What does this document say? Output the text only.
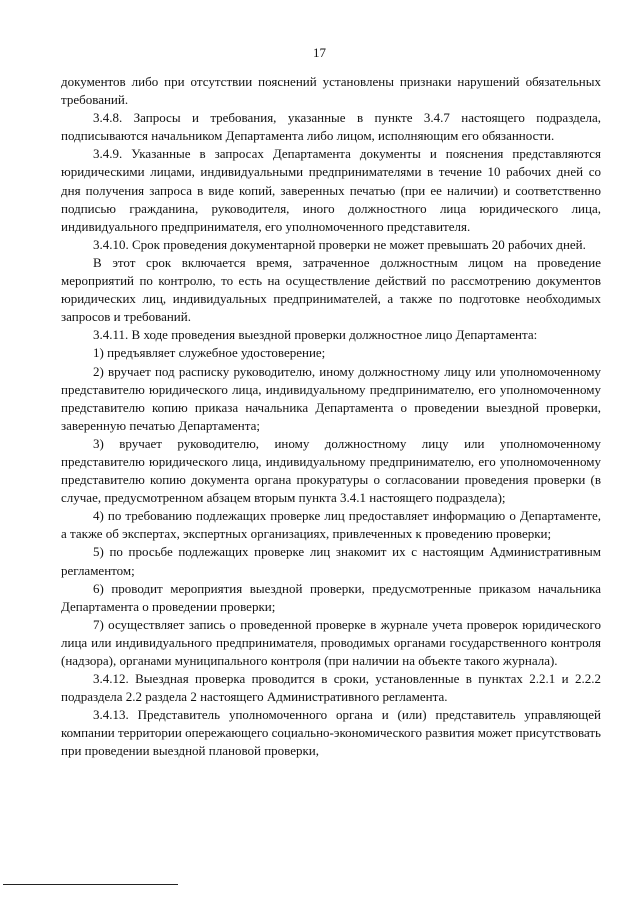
17

документов либо при отсутствии пояснений установлены признаки нарушений обязательных требований.

3.4.8. Запросы и требования, указанные в пункте 3.4.7 настоящего подраздела, подписываются начальником Департамента либо лицом, исполняющим его обязанности.

3.4.9. Указанные в запросах Департамента документы и пояснения представляются юридическими лицами, индивидуальными предпринимателями в течение 10 рабочих дней со дня получения запроса в виде копий, заверенных печатью (при ее наличии) и соответственно подписью гражданина, руководителя, иного должностного лица юридического лица, индивидуального предпринимателя, его уполномоченного представителя.

3.4.10. Срок проведения документарной проверки не может превышать 20 рабочих дней.

В этот срок включается время, затраченное должностным лицом на проведение мероприятий по контролю, то есть на осуществление действий по рассмотрению документов юридических лиц, индивидуальных предпринимателей, а также по подготовке необходимых запросов и требований.

3.4.11. В ходе проведения выездной проверки должностное лицо Департамента:

1) предъявляет служебное удостоверение;

2) вручает под расписку руководителю, иному должностному лицу или уполномоченному представителю юридического лица, индивидуальному предпринимателю, его уполномоченному представителю копию приказа начальника Департамента о проведении выездной проверки, заверенную печатью Департамента;

3) вручает руководителю, иному должностному лицу или уполномоченному представителю юридического лица, индивидуальному предпринимателю, его уполномоченному представителю копию документа органа прокуратуры о согласовании проведения проверки (в случае, предусмотренном абзацем вторым пункта 3.4.1 настоящего подраздела);

4) по требованию подлежащих проверке лиц предоставляет информацию о Департаменте, а также об экспертах, экспертных организациях, привлеченных к проведению проверки;

5) по просьбе подлежащих проверке лиц знакомит их с настоящим Административным регламентом;

6) проводит мероприятия выездной проверки, предусмотренные приказом начальника Департамента о проведении проверки;

7) осуществляет запись о проведенной проверке в журнале учета проверок юридического лица или индивидуального предпринимателя, проводимых органами государственного контроля (надзора), органами муниципального контроля (при наличии на объекте такого журнала).

3.4.12. Выездная проверка проводится в сроки, установленные в пунктах 2.2.1 и 2.2.2 подраздела 2.2 раздела 2 настоящего Административного регламента.

3.4.13. Представитель уполномоченного органа и (или) представитель управляющей компании территории опережающего социально-экономического развития может присутствовать при проведении выездной плановой проверки,
